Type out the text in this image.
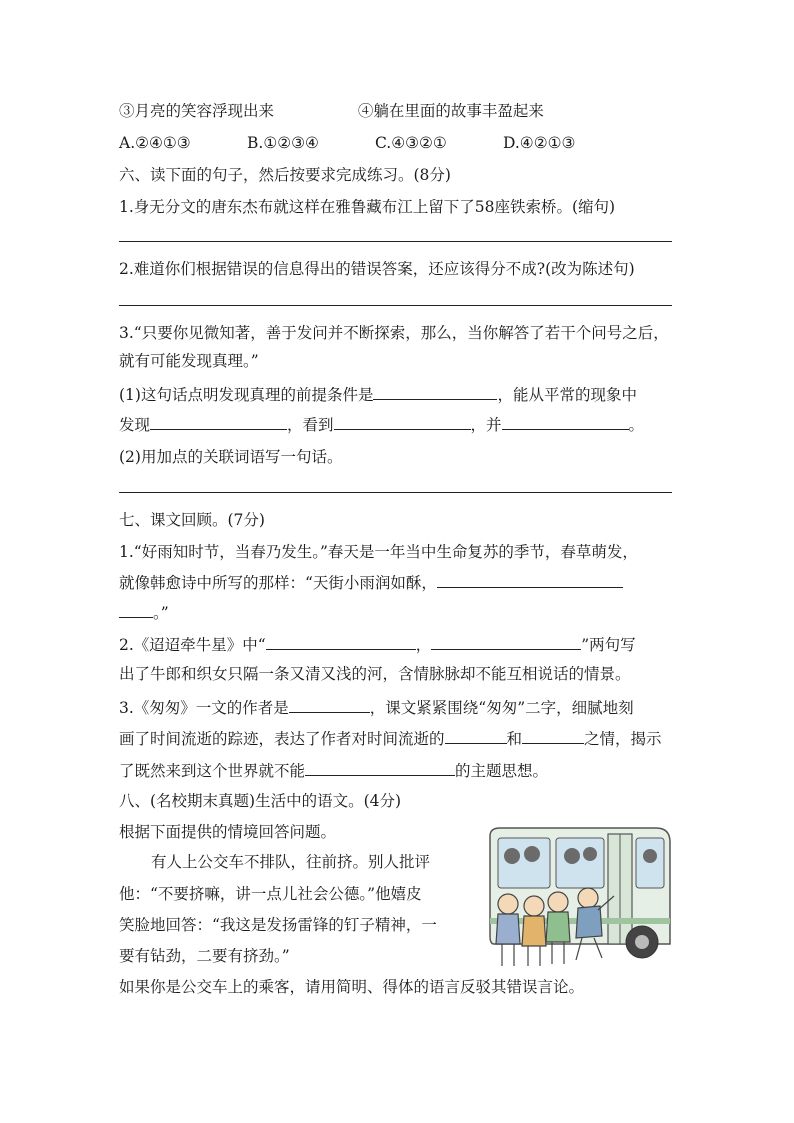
③月亮的笑容浮现出来	④躺在里面的故事丰盈起来
A.②④①③	B.①②③④	C.④③②①	D.④②①③
六、读下面的句子，然后按要求完成练习。(8分)
1.身无分文的唐东杰布就这样在雅鲁藏布江上留下了58座铁索桥。(缩句)
2.难道你们根据错误的信息得出的错误答案，还应该得分不成?(改为陈述句)
3.“只要你见微知著，善于发问并不断探索，那么，当你解答了若干个问号之后，
就有可能发现真理。”
(1)这句话点明发现真理的前提条件是	，能从平常的现象中
发现	，看到	，并	。
(2)用加点的关联词语写一句话。
七、课文回顾。(7分)
1.“好雨知时节，当春乃发生。”春天是一年当中生命复苏的季节，春草萌发，
就像韩愈诗中所写的那样：“天街小雨润如酥，
。”
2.《迢迢牵牛星》中“	，	”两句写
出了牛郎和织女只隔一条又清又浅的河，含情脉脉却不能互相说话的情景。
3.《匆匆》一文的作者是	，课文紧紧围绕“匆匆”二字，细腻地刻
画了时间流逝的踪迹，表达了作者对时间流逝的	和	之情，揭示
了既然来到这个世界就不能	的主题思想。
八、(名校期末真题)生活中的语文。(4分)
根据下面提供的情境回答问题。
有人上公交车不排队，往前挤。别人批评
他：“不要挤嘛，讲一点儿社会公德。”他嬉皮
笑脸地回答：“我这是发扬雷锋的钉子精神，一
要有钻劲，二要有挤劲。”
如果你是公交车上的乘客，请用简明、得体的语言反驳其错误言论。
